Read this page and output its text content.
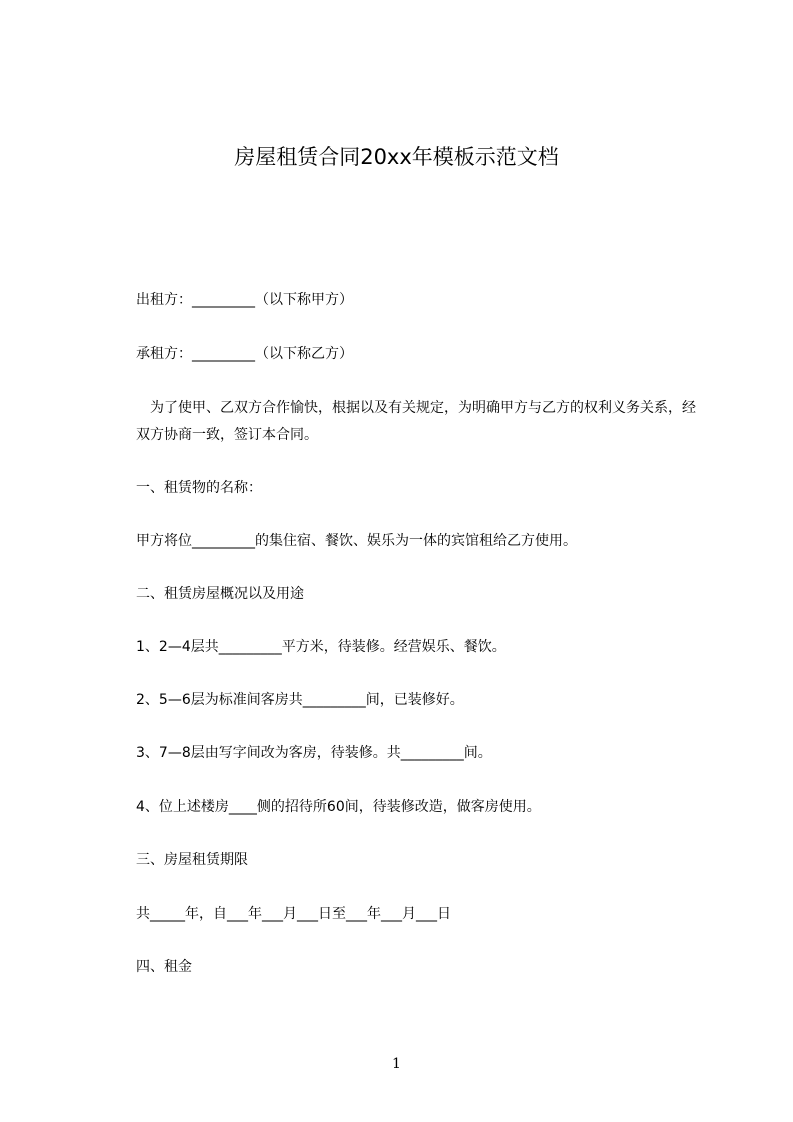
房屋租赁合同20xx年模板示范文档
出租方：_________（以下称甲方）
承租方：_________（以下称乙方）
　为了使甲、乙双方合作愉快，根据以及有关规定，为明确甲方与乙方的权利义务关系，经双方协商一致，签订本合同。
一、租赁物的名称：
甲方将位_________的集住宿、餐饮、娱乐为一体的宾馆租给乙方使用。
二、租赁房屋概况以及用途
1、2—4层共_________平方米，待装修。经营娱乐、餐饮。
2、5—6层为标准间客房共_________间，已装修好。
3、7—8层由写字间改为客房，待装修。共_________间。
4、位上述楼房____侧的招待所60间，待装修改造，做客房使用。
三、房屋租赁期限
共_____年，自___年___月___日至___年___月___日
四、租金
1
